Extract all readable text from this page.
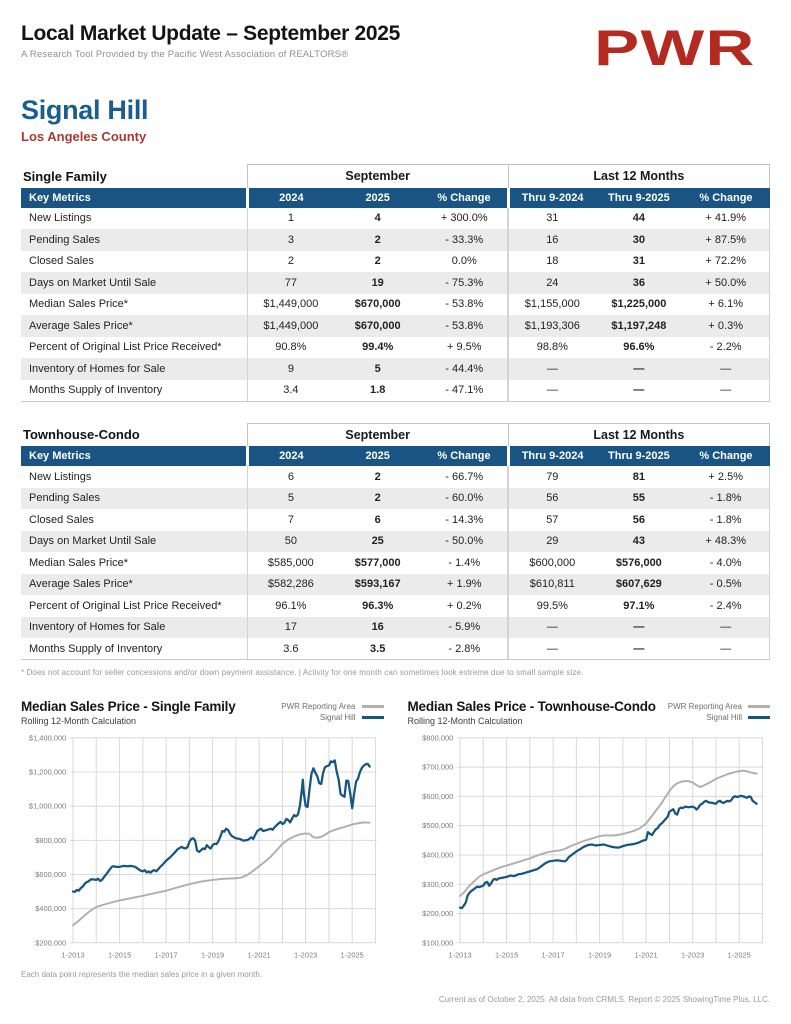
Local Market Update – September 2025
A Research Tool Provided by the Pacific West Association of REALTORS®	PWR
Signal Hill
Los Angeles County
Single Family	September			Last 12 Months		
Key Metrics	2024	2025	% Change	Thru 9-2024	Thru 9-2025	% Change
New Listings	1	4	+ 300.0%	31	44	+ 41.9%
Pending Sales	3	2	- 33.3%	16	30	+ 87.5%
Closed Sales	2	2	0.0%	18	31	+ 72.2%
Days on Market Until Sale	77	19	- 75.3%	24	36	+ 50.0%
Median Sales Price*	$1,449,000	$670,000	- 53.8%	$1,155,000	$1,225,000	+ 6.1%
Average Sales Price*	$1,449,000	$670,000	- 53.8%	$1,193,306	$1,197,248	+ 0.3%
Percent of Original List Price Received*	90.8%	99.4%	+ 9.5%	98.8%	96.6%	- 2.2%
Inventory of Homes for Sale	9	5	- 44.4%	—	—	—
Months Supply of Inventory	3.4	1.8	- 47.1%	—	—	—
Townhouse-Condo	September			Last 12 Months		
Key Metrics	2024	2025	% Change	Thru 9-2024	Thru 9-2025	% Change
New Listings	6	2	- 66.7%	79	81	+ 2.5%
Pending Sales	5	2	- 60.0%	56	55	- 1.8%
Closed Sales	7	6	- 14.3%	57	56	- 1.8%
Days on Market Until Sale	50	25	- 50.0%	29	43	+ 48.3%
Median Sales Price*	$585,000	$577,000	- 1.4%	$600,000	$576,000	- 4.0%
Average Sales Price*	$582,286	$593,167	+ 1.9%	$610,811	$607,629	- 0.5%
Percent of Original List Price Received*	96.1%	96.3%	+ 0.2%	99.5%	97.1%	- 2.4%
Inventory of Homes for Sale	17	16	- 5.9%	—	—	—
Months Supply of Inventory	3.6	3.5	- 2.8%	—	—	—
* Does not account for seller concessions and/or down payment assistance. | Activity for one month can sometimes look extreme due to small sample size.
Median Sales Price - Single Family
Rolling 12-Month Calculation
PWR Reporting Area
Signal Hill
$200,000
$400,000
$600,000
$800,000
$1,000,000
$1,200,000
$1,400,000
1-2013	1-2015	1-2017	1-2019	1-2021	1-2023	1-2025
Median Sales Price - Townhouse-Condo
Rolling 12-Month Calculation
PWR Reporting Area
Signal Hill
$100,000
$200,000
$300,000
$400,000
$500,000
$600,000
$700,000
$800,000
1-2013	1-2015	1-2017	1-2019	1-2021	1-2023	1-2025
Each data point represents the median sales price in a given month.
Current as of October 2, 2025. All data from CRMLS. Report © 2025 ShowingTime Plus, LLC.
